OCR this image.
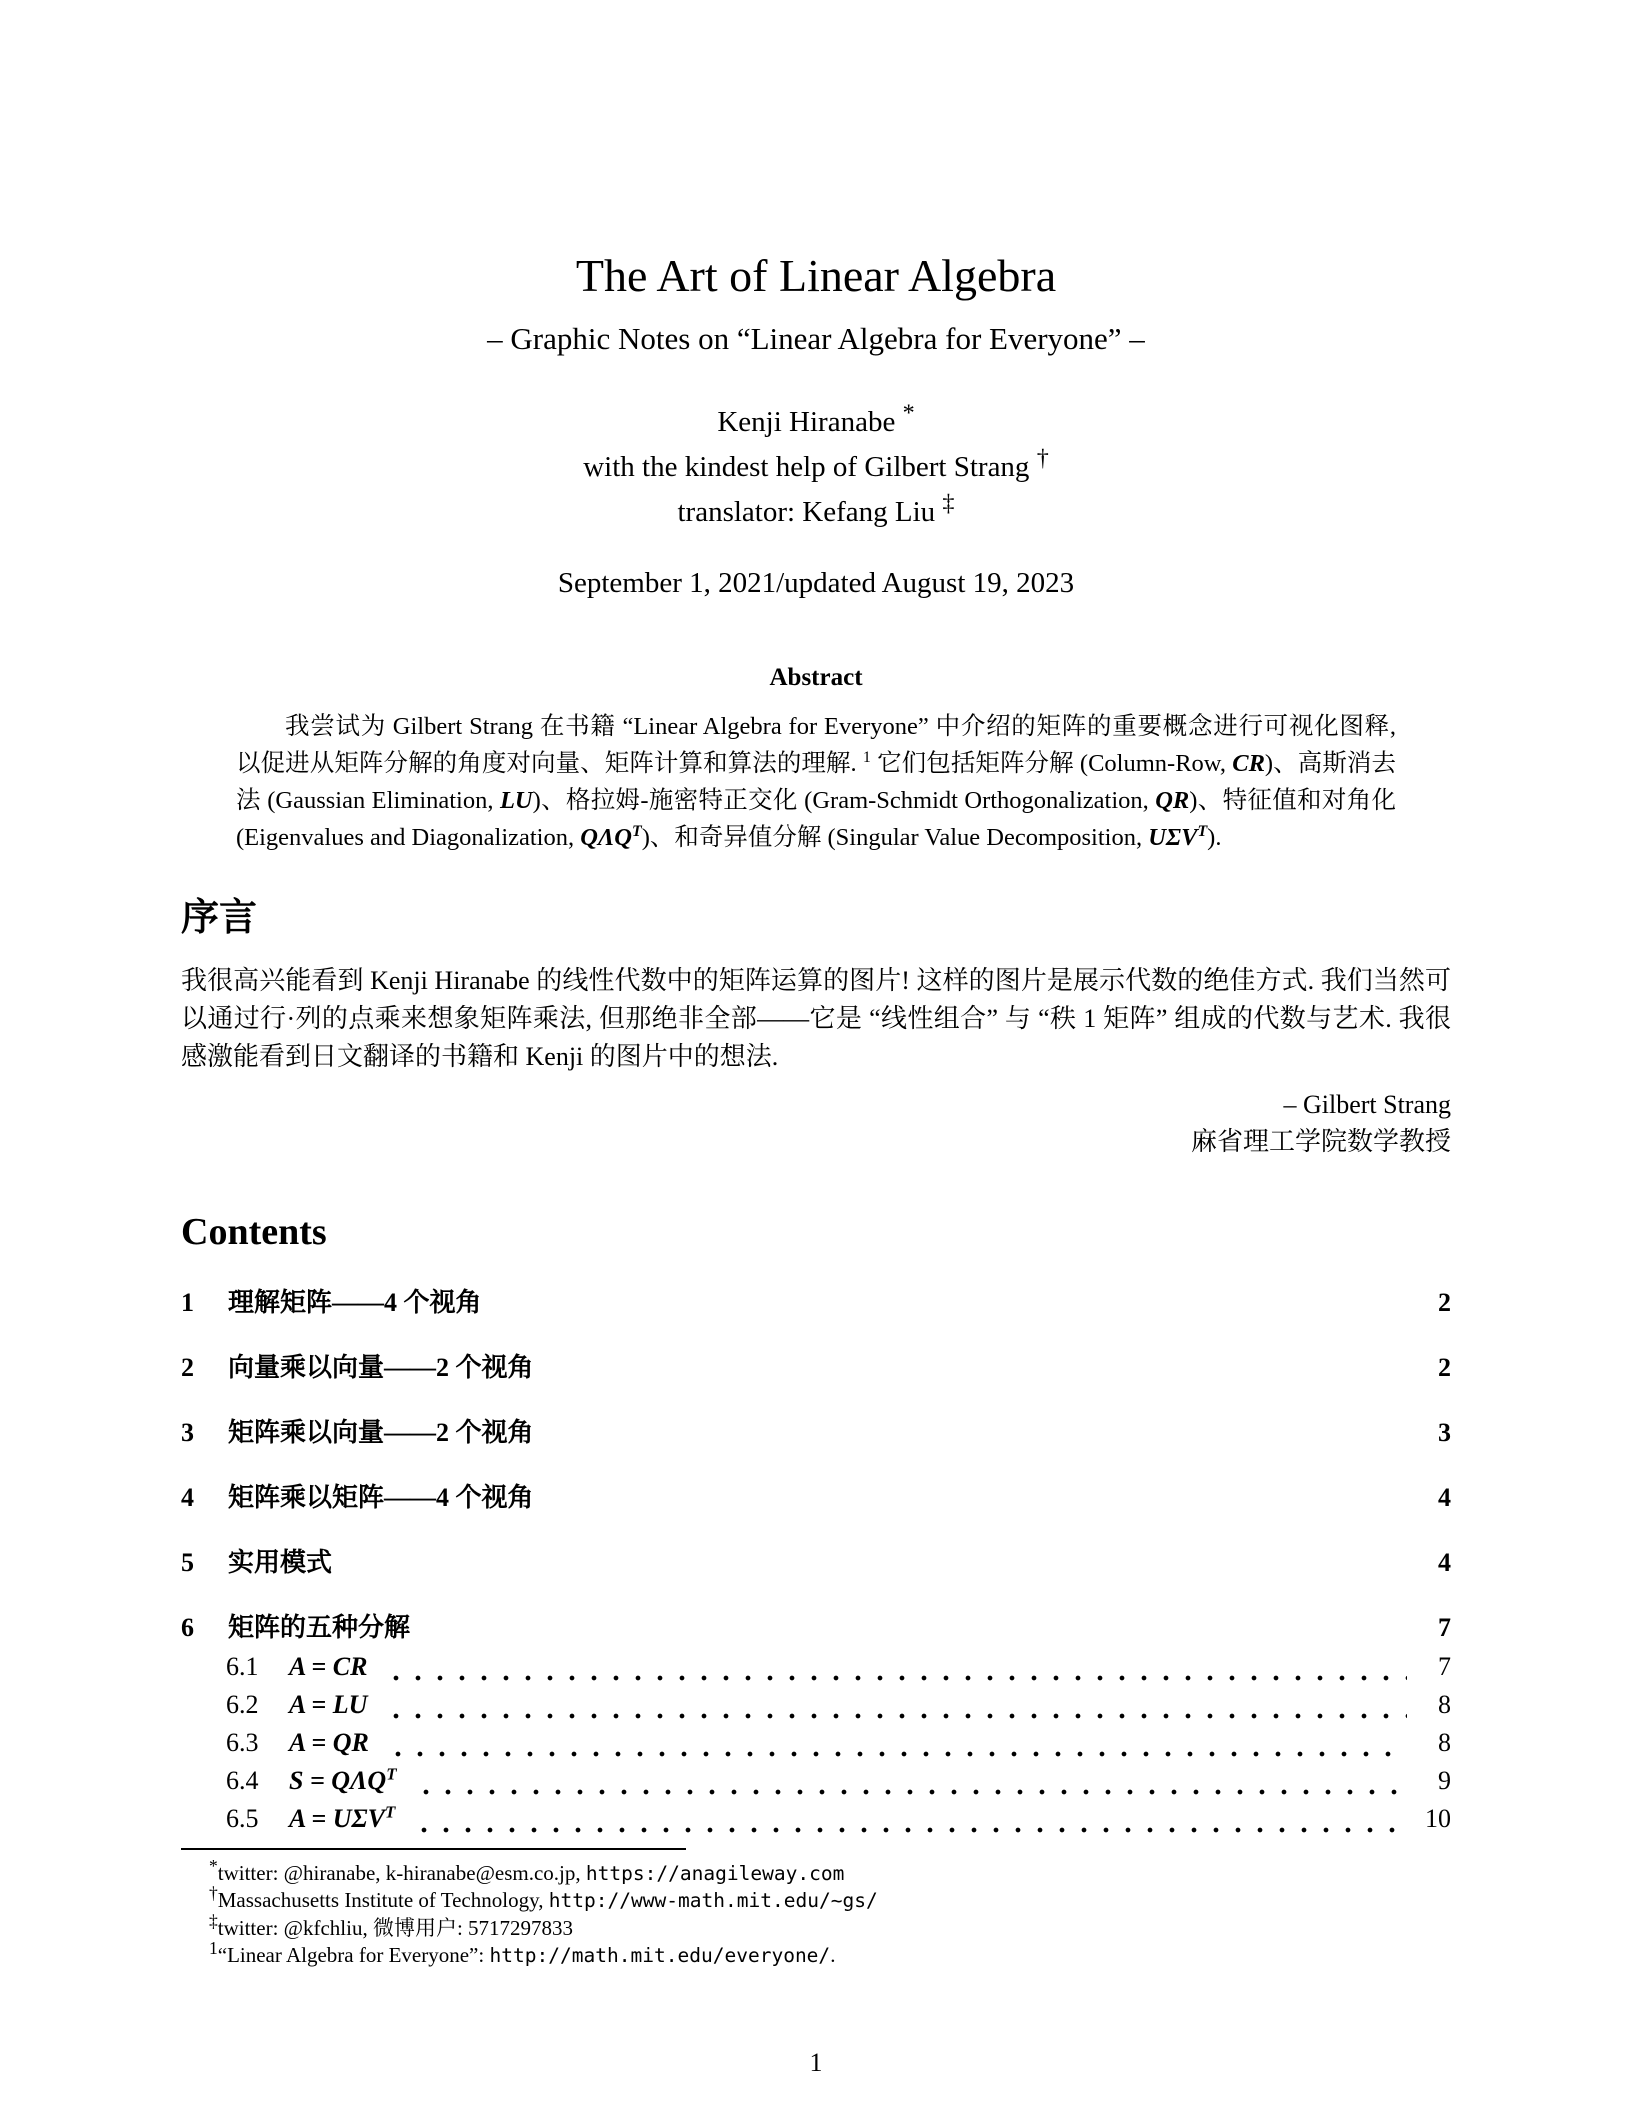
The Art of Linear Algebra
– Graphic Notes on “Linear Algebra for Everyone” –
Kenji Hiranabe *
with the kindest help of Gilbert Strang †
translator: Kefang Liu ‡
September 1, 2021/updated August 19, 2023
Abstract

我尝试为 Gilbert Strang 在书籍 “Linear Algebra for Everyone” 中介绍的矩阵的重要概念进行可视化图释, 以促进从矩阵分解的角度对向量、矩阵计算和算法的理解. $^1$ 它们包括矩阵分解 (Column-Row, CR)、高斯消去法 (Gaussian Elimination, LU)、格拉姆-施密特正交化 (Gram-Schmidt Orthogonalization, QR)、特征值和对角化 (Eigenvalues and Diagonalization, $Q\Lambda Q^T$)、和奇异值分解 (Singular Value Decomposition, $U\Sigma V^T$).

序言

我很高兴能看到 Kenji Hiranabe 的线性代数中的矩阵运算的图片! 这样的图片是展示代数的绝佳方式. 我们当然可以通过行·列的点乘来想象矩阵乘法, 但那绝非全部——它是 “线性组合” 与 “秩 1 矩阵” 组成的代数与艺术. 我很感激能看到日文翻译的书籍和 Kenji 的图片中的想法.

– Gilbert Strang
麻省理工学院数学教授
Contents
1	理解矩阵——4 个视角	2
2	向量乘以向量——2 个视角	2
3	矩阵乘以向量——2 个视角	3
4	矩阵乘以矩阵——4 个视角	4
5	实用模式	4
6	矩阵的五种分解	7
6.1	A = CR	7
6.2	A = LU	8
6.3	A = QR	8
6.4	$S = Q\Lambda Q^T$	9
6.5	$A = U\Sigma V^T$	10
*twitter: @hiranabe, k-hiranabe@esm.co.jp, https://anagileway.com
†Massachusetts Institute of Technology, http://www-math.mit.edu/~gs/
‡twitter: @kfchliu, 微博用户: 5717297833
$^1$“Linear Algebra for Everyone”: http://math.mit.edu/everyone/.
1
